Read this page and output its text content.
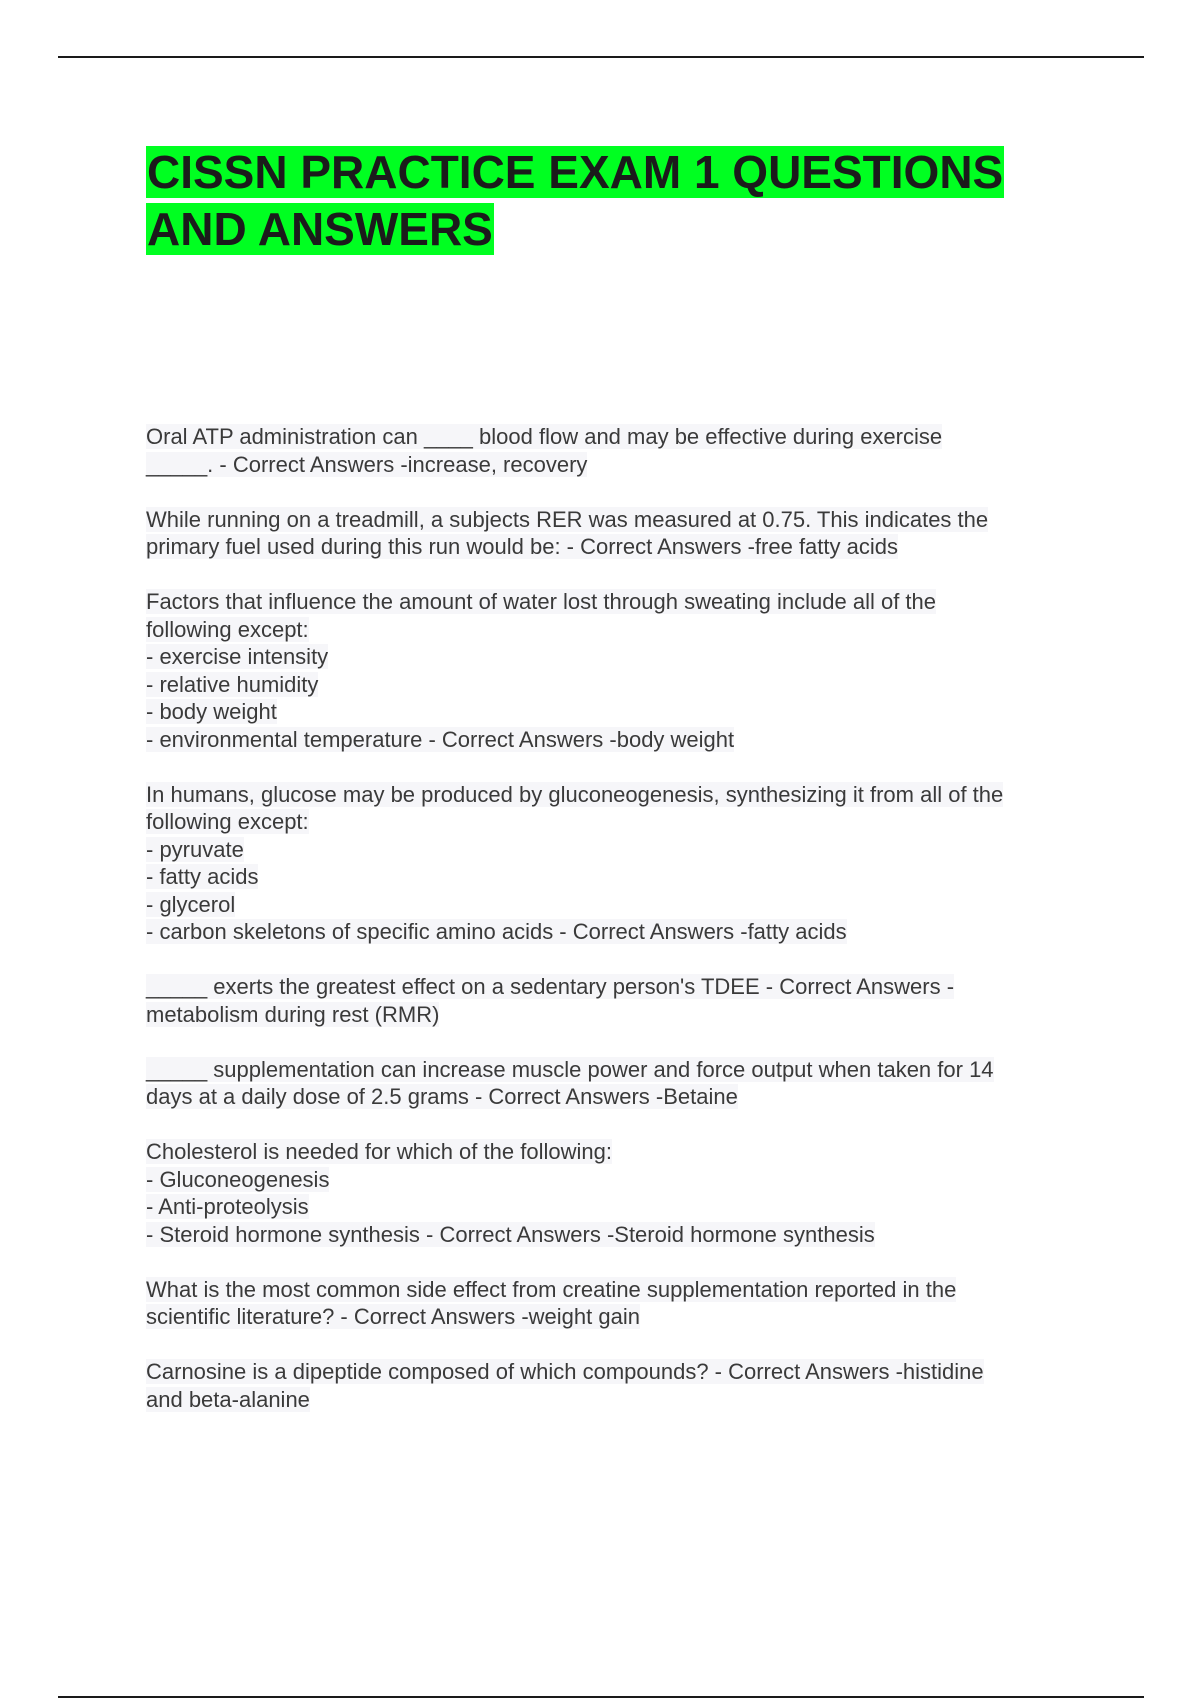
CISSN PRACTICE EXAM 1 QUESTIONS
AND ANSWERS
Oral ATP administration can ____ blood flow and may be effective during exercise
_____. - Correct Answers -increase, recovery
While running on a treadmill, a subjects RER was measured at 0.75. This indicates the
primary fuel used during this run would be: - Correct Answers -free fatty acids
Factors that influence the amount of water lost through sweating include all of the
following except:
- exercise intensity
- relative humidity
- body weight
- environmental temperature - Correct Answers -body weight
In humans, glucose may be produced by gluconeogenesis, synthesizing it from all of the
following except:
- pyruvate
- fatty acids
- glycerol
- carbon skeletons of specific amino acids - Correct Answers -fatty acids
_____ exerts the greatest effect on a sedentary person's TDEE - Correct Answers -
metabolism during rest (RMR)
_____ supplementation can increase muscle power and force output when taken for 14
days at a daily dose of 2.5 grams - Correct Answers -Betaine
Cholesterol is needed for which of the following:
- Gluconeogenesis
- Anti-proteolysis
- Steroid hormone synthesis - Correct Answers -Steroid hormone synthesis
What is the most common side effect from creatine supplementation reported in the
scientific literature? - Correct Answers -weight gain
Carnosine is a dipeptide composed of which compounds? - Correct Answers -histidine
and beta-alanine
